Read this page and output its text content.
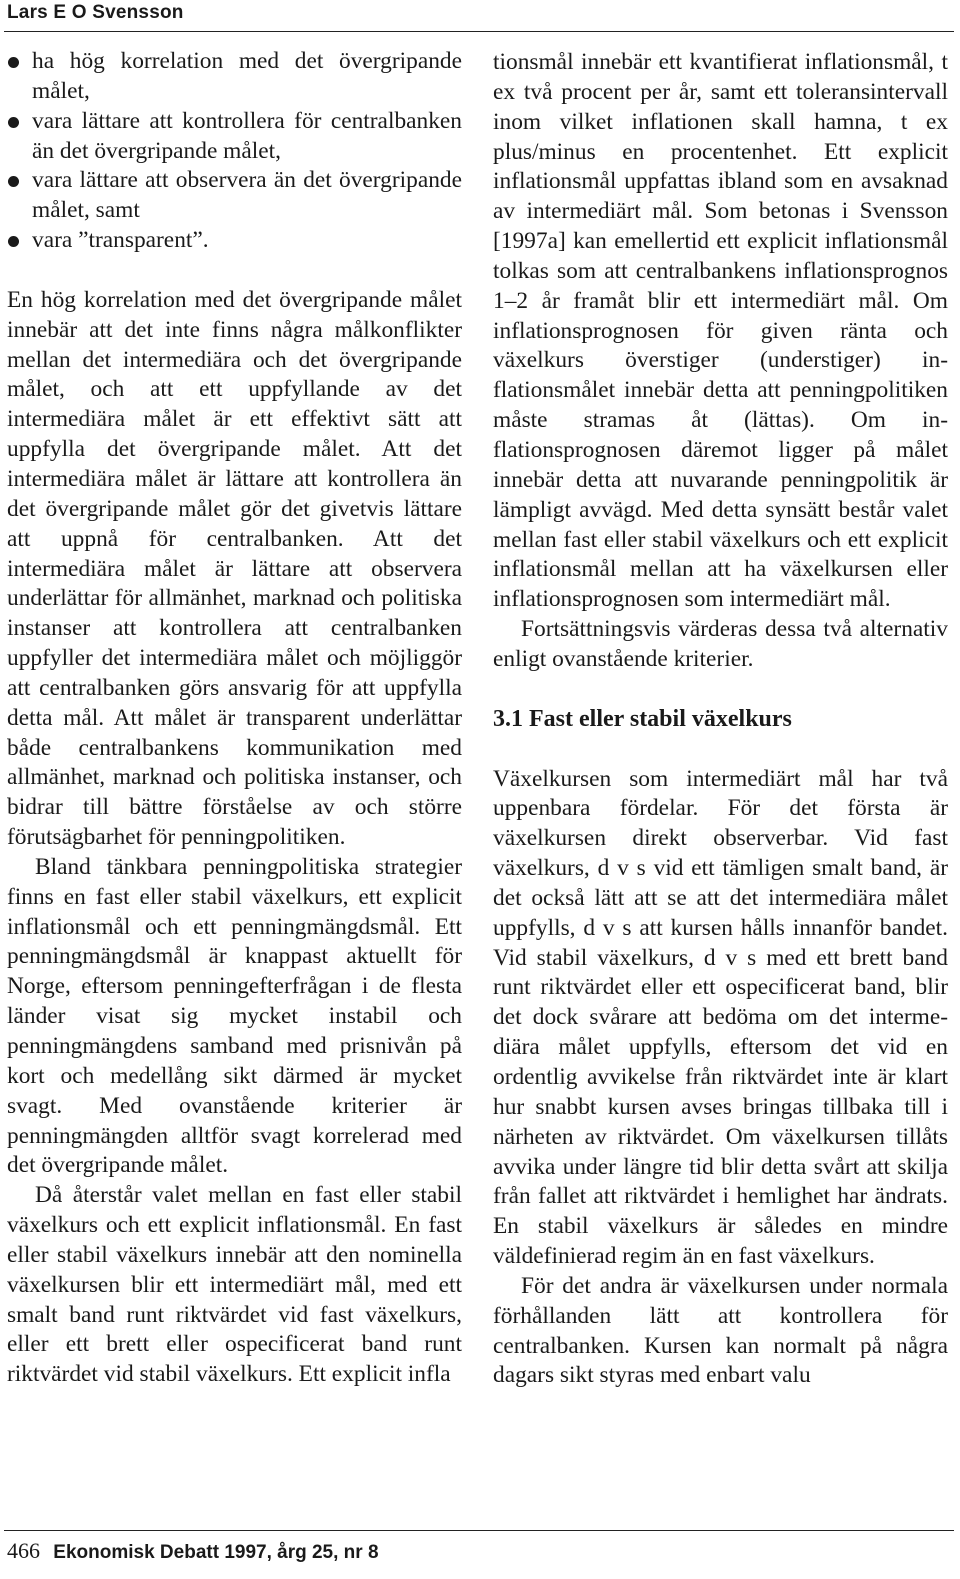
Lars E O Svensson
ha hög korrelation med det övergripande målet,
vara lättare att kontrollera för centralbanken än det övergripande målet,
vara lättare att observera än det övergripande målet, samt
vara ”transparent”.

En hög korrelation med det övergripande målet innebär att det inte finns några målkonflikter mellan det intermediära och det övergripande målet, och att ett uppfyllande av det intermediära målet är ett effektivt sätt att uppfylla det övergripande målet. Att det intermediära målet är lättare att kontrollera än det övergripande målet gör det givetvis lättare att uppnå för centralbanken. Att det intermediära målet är lättare att observera underlättar för allmänhet, marknad och politiska instanser att kontrollera att centralbanken uppfyller det intermediära målet och möjliggör att centralbanken görs ansvarig för att uppfylla detta mål. Att målet är transparent underlättar både centralbankens kommunikation med allmänhet, marknad och politiska instanser, och bidrar till bättre förståelse av och större förutsägbarhet för penningpolitiken.

Bland tänkbara penningpolitiska strategier finns en fast eller stabil växelkurs, ett explicit inflationsmål och ett penningmängdsmål. Ett penningmängdsmål är knappast aktuellt för Norge, eftersom penningefterfrågan i de flesta länder visat sig mycket instabil och penningmängdens samband med prisnivån på kort och medellång sikt därmed är mycket svagt. Med ovanstående kriterier är penningmängden alltför svagt korrelerad med det övergripande målet.

Då återstår valet mellan en fast eller stabil växelkurs och ett explicit inflationsmål. En fast eller stabil växelkurs innebär att den nominella växelkursen blir ett intermediärt mål, med ett smalt band runt riktvärdet vid fast växelkurs, eller ett brett eller ospecificerat band runt riktvärdet vid stabil växelkurs. Ett explicit infla

tionsmål innebär ett kvantifierat inflationsmål, t ex två procent per år, samt ett toleransintervall inom vilket inflationen skall hamna, t ex plus/minus en procentenhet. Ett explicit inflationsmål uppfattas ibland som en avsaknad av intermediärt mål. Som betonas i Svensson [1997a] kan emellertid ett explicit inflationsmål tolkas som att centralbankens inflationsprognos 1–2 år framåt blir ett intermediärt mål. Om inflationsprognosen för given ränta och växelkurs överstiger (understiger) inflationsmålet innebär detta att penningpolitiken måste stramas åt (lättas). Om inflationsprognosen däremot ligger på målet innebär detta att nuvarande penningpolitik är lämpligt avvägd. Med detta synsätt består valet mellan fast eller stabil växelkurs och ett explicit inflationsmål mellan att ha växelkursen eller inflationsprognosen som intermediärt mål.

Fortsättningsvis värderas dessa två alternativ enligt ovanstående kriterier.

3.1 Fast eller stabil växelkurs

Växelkursen som intermediärt mål har två uppenbara fördelar. För det första är växelkursen direkt observerbar. Vid fast växelkurs, d v s vid ett tämligen smalt band, är det också lätt att se att det intermediära målet uppfylls, d v s att kursen hålls innanför bandet. Vid stabil växelkurs, d v s med ett brett band runt riktvärdet eller ett ospecificerat band, blir det dock svårare att bedöma om det intermediära målet uppfylls, eftersom det vid en ordentlig avvikelse från riktvärdet inte är klart hur snabbt kursen avses bringas tillbaka till i närheten av riktvärdet. Om växelkursen tillåts avvika under längre tid blir detta svårt att skilja från fallet att riktvärdet i hemlighet har ändrats. En stabil växelkurs är således en mindre väldefinierad regim än en fast växelkurs.

För det andra är växelkursen under normala förhållanden lätt att kontrollera för centralbanken. Kursen kan normalt på några dagars sikt styras med enbart valu

466 Ekonomisk Debatt 1997, årg 25, nr 8
